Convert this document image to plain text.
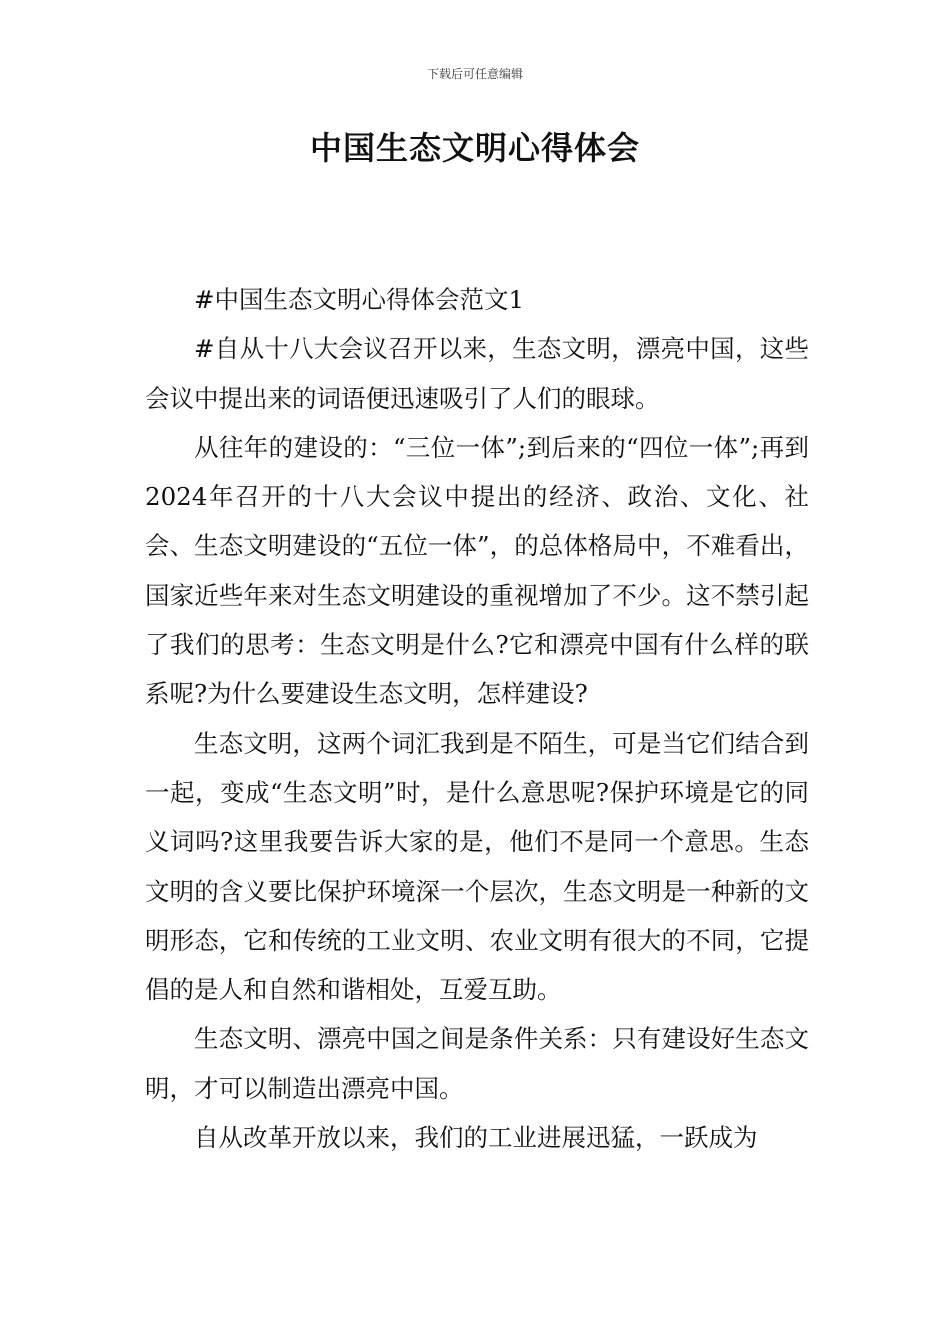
下载后可任意编辑
中国生态文明心得体会

#中国生态文明心得体会范文1

#自从十八大会议召开以来，生态文明，漂亮中国，这些会议中提出来的词语便迅速吸引了人们的眼球。

从往年的建设的：“三位一体”;到后来的“四位一体”;再到2024年召开的十八大会议中提出的经济、政治、文化、社会、生态文明建设的“五位一体”，的总体格局中，不难看出，国家近些年来对生态文明建设的重视增加了不少。这不禁引起了我们的思考：生态文明是什么?它和漂亮中国有什么样的联系呢?为什么要建设生态文明，怎样建设?

生态文明，这两个词汇我到是不陌生，可是当它们结合到一起，变成“生态文明”时，是什么意思呢?保护环境是它的同义词吗?这里我要告诉大家的是，他们不是同一个意思。生态文明的含义要比保护环境深一个层次，生态文明是一种新的文明形态，它和传统的工业文明、农业文明有很大的不同，它提倡的是人和自然和谐相处，互爱互助。

生态文明、漂亮中国之间是条件关系：只有建设好生态文明，才可以制造出漂亮中国。

自从改革开放以来，我们的工业进展迅猛，一跃成为
